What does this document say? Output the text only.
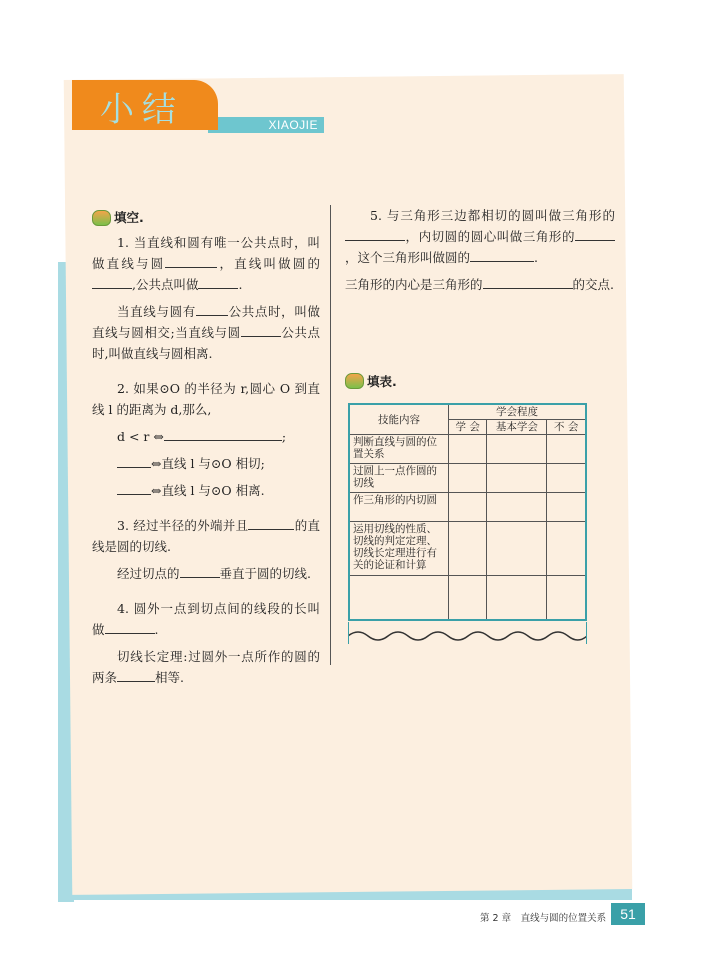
XIAOJIE
小结
填空.

1. 当直线和圆有唯一公共点时，叫做直线与圆	，直线叫做圆的,公共点叫做	.

当直线与圆有	公共点时，叫做直线与圆相交;当直线与圆	公共点时,叫做直线与圆相离.

2. 如果⊙O 的半径为 r,圆心 O 到直线 l 的距离为 d,那么,

d < r ⇔	;

⇔直线 l 与⊙O 相切;

⇔直线 l 与⊙O 相离.

3. 经过半径的外端并且	的直线是圆的切线.

经过切点的	垂直于圆的切线.

4. 圆外一点到切点间的线段的长叫做	.

切线长定理:过圆外一点所作的圆的两条	相等.

5. 与三角形三边都相切的圆叫做三角形的，内切圆的圆心叫做三角形的，这个三角形叫做圆的	.

三角形的内心是三角形的	的交点.

填表.
技能内容	学会程度		
	学 会	基本学会	不 会
判断直线与圆的位置关系			
过圆上一点作圆的切线			
作三角形的内切圆			
运用切线的性质、切线的判定定理、切线长定理进行有关的论证和计算			

第 2 章　直线与圆的位置关系	51
